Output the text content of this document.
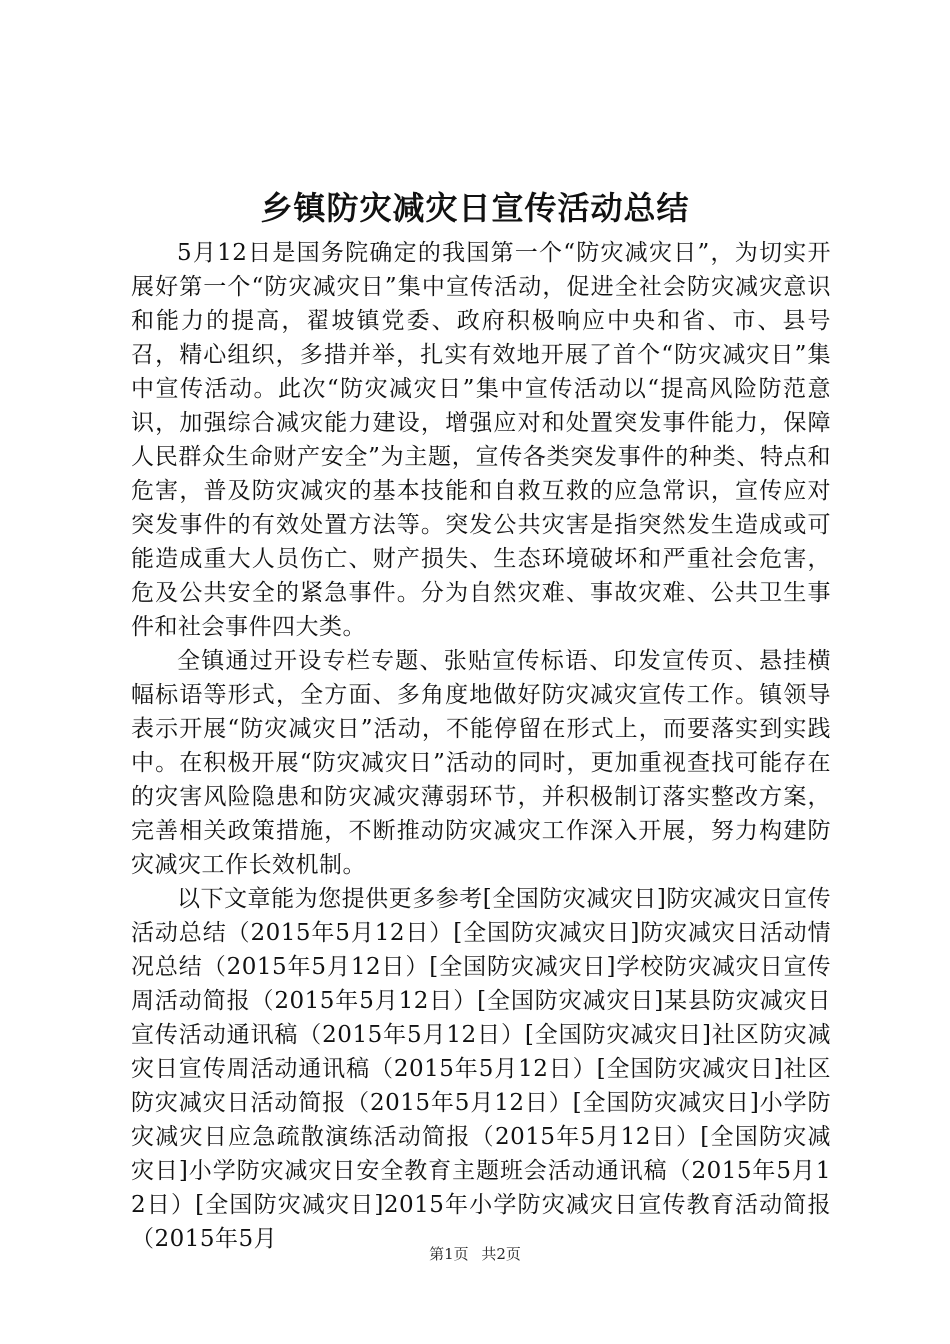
乡镇防灾减灾日宣传活动总结

5月12日是国务院确定的我国第一个“防灾减灾日”，为切实开展好第一个“防灾减灾日”集中宣传活动，促进全社会防灾减灾意识和能力的提高，翟坡镇党委、政府积极响应中央和省、市、县号召，精心组织，多措并举，扎实有效地开展了首个“防灾减灾日”集中宣传活动。此次“防灾减灾日”集中宣传活动以“提高风险防范意识，加强综合减灾能力建设，增强应对和处置突发事件能力，保障人民群众生命财产安全”为主题，宣传各类突发事件的种类、特点和危害，普及防灾减灾的基本技能和自救互救的应急常识，宣传应对突发事件的有效处置方法等。突发公共灾害是指突然发生造成或可能造成重大人员伤亡、财产损失、生态环境破坏和严重社会危害，危及公共安全的紧急事件。分为自然灾难、事故灾难、公共卫生事件和社会事件四大类。

全镇通过开设专栏专题、张贴宣传标语、印发宣传页、悬挂横幅标语等形式，全方面、多角度地做好防灾减灾宣传工作。镇领导表示开展“防灾减灾日”活动，不能停留在形式上，而要落实到实践中。在积极开展“防灾减灾日”活动的同时，更加重视查找可能存在的灾害风险隐患和防灾减灾薄弱环节，并积极制订落实整改方案，完善相关政策措施，不断推动防灾减灾工作深入开展，努力构建防灾减灾工作长效机制。

以下文章能为您提供更多参考[全国防灾减灾日]防灾减灾日宣传活动总结（2015年5月12日）[全国防灾减灾日]防灾减灾日活动情况总结（2015年5月12日）[全国防灾减灾日]学校防灾减灾日宣传周活动简报（2015年5月12日）[全国防灾减灾日]某县防灾减灾日宣传活动通讯稿（2015年5月12日）[全国防灾减灾日]社区防灾减灾日宣传周活动通讯稿（2015年5月12日）[全国防灾减灾日]社区防灾减灾日活动简报（2015年5月12日）[全国防灾减灾日]小学防灾减灾日应急疏散演练活动简报（2015年5月12日）[全国防灾减灾日]小学防灾减灾日安全教育主题班会活动通讯稿（2015年5月12日）[全国防灾减灾日]2015年小学防灾减灾日宣传教育活动简报（2015年5月

第1页 共2页
